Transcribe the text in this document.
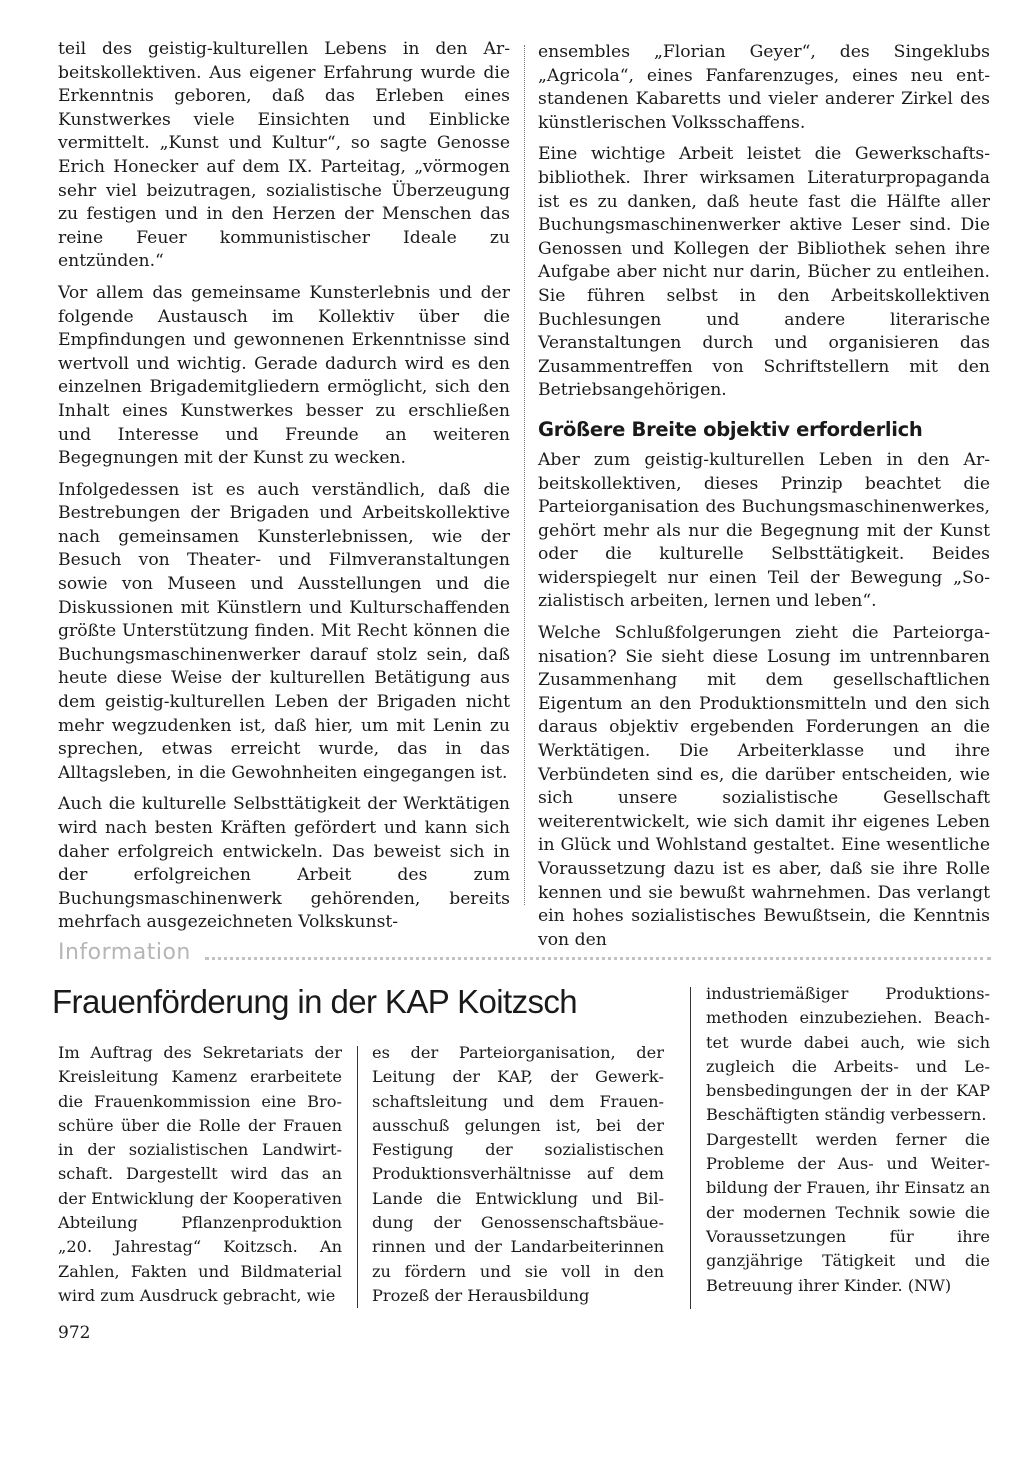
teil des geistig-kulturellen Lebens in den Arbeitskollektiven. Aus eigener Erfahrung wurde die Erkenntnis geboren, daß das Erleben eines Kunstwerkes viele Einsichten und Einblicke vermittelt. „Kunst und Kultur“, so sagte Genosse Erich Honecker auf dem IX. Parteitag, „vörmogen sehr viel beizutragen, sozialistische Überzeugung zu festigen und in den Herzen der Menschen das reine Feuer kommunistischer Ideale zu entzünden.“

Vor allem das gemeinsame Kunsterlebnis und der folgende Austausch im Kollektiv über die Empfindungen und gewonnenen Erkenntnisse sind wertvoll und wichtig. Gerade dadurch wird es den einzelnen Brigademitgliedern ermöglicht, sich den Inhalt eines Kunstwerkes besser zu erschließen und Interesse und Freunde an weiteren Begegnungen mit der Kunst zu wecken.

Infolgedessen ist es auch verständlich, daß die Bestrebungen der Brigaden und Arbeitskollektive nach gemeinsamen Kunsterlebnissen, wie der Besuch von Theater- und Filmveranstaltungen sowie von Museen und Ausstellungen und die Diskussionen mit Künstlern und Kulturschaffenden größte Unterstützung finden. Mit Recht können die Buchungsmaschinenwerker darauf stolz sein, daß heute diese Weise der kulturellen Betätigung aus dem geistig-kulturellen Leben der Brigaden nicht mehr wegzudenken ist, daß hier, um mit Lenin zu sprechen, etwas erreicht wurde, das in das Alltagsleben, in die Gewohnheiten eingegangen ist.

Auch die kulturelle Selbsttätigkeit der Werktätigen wird nach besten Kräften gefördert und kann sich daher erfolgreich entwickeln. Das beweist sich in der erfolgreichen Arbeit des zum Buchungsmaschinenwerk gehörenden, bereits mehrfach ausgezeichneten Volkskunst-

ensembles „Florian Geyer“, des Singeklubs „Agricola“, eines Fanfarenzuges, eines neu entstandenen Kabaretts und vieler anderer Zirkel des künstlerischen Volksschaffens.

Eine wichtige Arbeit leistet die Gewerkschaftsbibliothek. Ihrer wirksamen Literaturpropaganda ist es zu danken, daß heute fast die Hälfte aller Buchungsmaschinenwerker aktive Leser sind. Die Genossen und Kollegen der Bibliothek sehen ihre Aufgabe aber nicht nur darin, Bücher zu entleihen. Sie führen selbst in den Arbeitskollektiven Buchlesungen und andere literarische Veranstaltungen durch und organisieren das Zusammentreffen von Schriftstellern mit den Betriebsangehörigen.

Größere Breite objektiv erforderlich

Aber zum geistig-kulturellen Leben in den Arbeitskollektiven, dieses Prinzip beachtet die Parteiorganisation des Buchungsmaschinenwerkes, gehört mehr als nur die Begegnung mit der Kunst oder die kulturelle Selbsttätigkeit. Beides widerspiegelt nur einen Teil der Bewegung „Sozialistisch arbeiten, lernen und leben“.

Welche Schlußfolgerungen zieht die Parteiorganisation? Sie sieht diese Losung im untrennbaren Zusammenhang mit dem gesellschaftlichen Eigentum an den Produktionsmitteln und den sich daraus objektiv ergebenden Forderungen an die Werktätigen. Die Arbeiterklasse und ihre Verbündeten sind es, die darüber entscheiden, wie sich unsere sozialistische Gesellschaft weiterentwickelt, wie sich damit ihr eigenes Leben in Glück und Wohlstand gestaltet. Eine wesentliche Voraussetzung dazu ist es aber, daß sie ihre Rolle kennen und sie bewußt wahrnehmen. Das verlangt ein hohes sozialistisches Bewußtsein, die Kenntnis von den

Information
Frauenförderung in der KAP Koitzsch

Im Auftrag des Sekretariats der Kreisleitung Kamenz erarbeitete die Frauenkommission eine Broschüre über die Rolle der Frauen in der sozialistischen Landwirtschaft. Dargestellt wird das an der Entwicklung der Kooperativen Abteilung Pflanzenproduktion „20. Jahrestag“ Koitzsch. An Zahlen, Fakten und Bildmaterial wird zum Ausdruck gebracht, wie

es der Parteiorganisation, der Leitung der KAP, der Gewerkschaftsleitung und dem Frauenausschuß gelungen ist, bei der Festigung der sozialistischen Produktionsverhältnisse auf dem Lande die Entwicklung und Bildung der Genossenschaftsbäuerinnen und der Landarbeiterinnen zu fördern und sie voll in den Prozeß der Herausbildung

industriemäßiger Produktionsmethoden einzubeziehen. Beachtet wurde dabei auch, wie sich zugleich die Arbeits- und Lebensbedingungen der in der KAP Beschäftigten ständig verbessern.

Dargestellt werden ferner die Probleme der Aus- und Weiterbildung der Frauen, ihr Einsatz an der modernen Technik sowie die Voraussetzungen für ihre ganzjährige Tätigkeit und die Betreuung ihrer Kinder. (NW)

972
